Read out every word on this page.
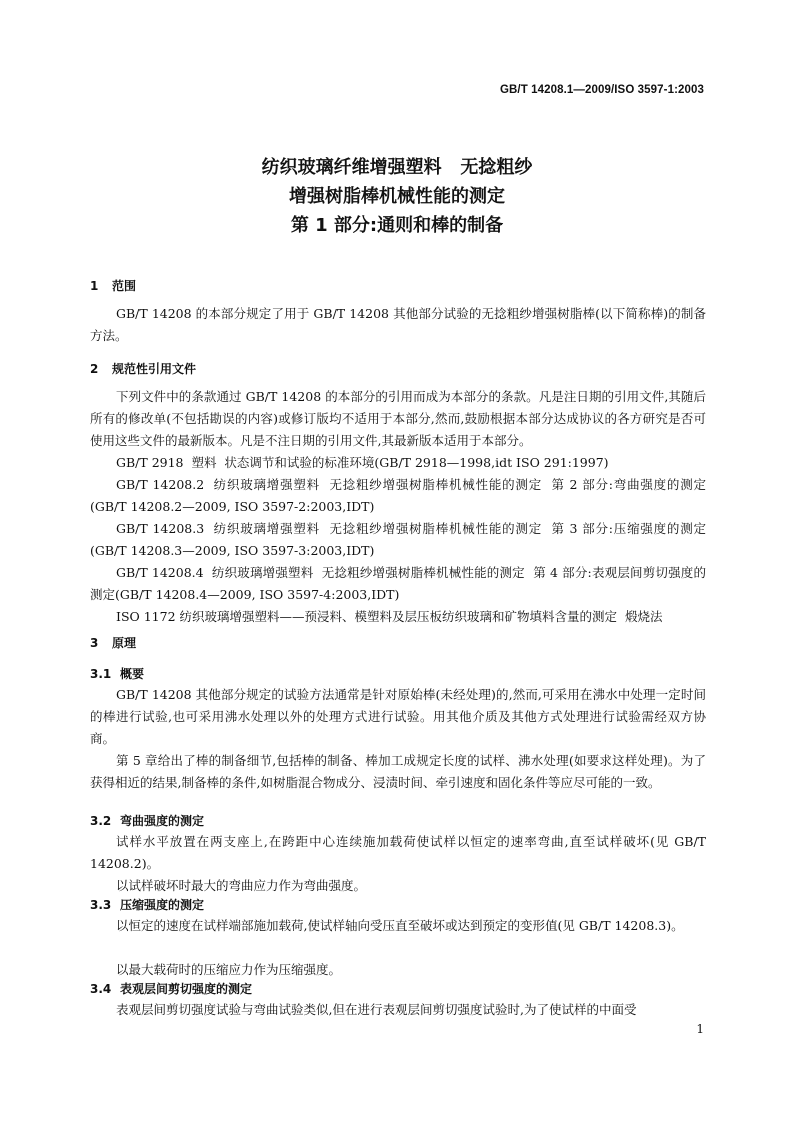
GB/T 14208.1—2009/ISO 3597-1:2003
纺织玻璃纤维增强塑料   无捻粗纱
增强树脂棒机械性能的测定
第 1 部分:通则和棒的制备
1 范围
GB/T 14208 的本部分规定了用于 GB/T 14208 其他部分试验的无捻粗纱增强树脂棒(以下简称棒)的制备方法。
2 规范性引用文件
下列文件中的条款通过 GB/T 14208 的本部分的引用而成为本部分的条款。凡是注日期的引用文件,其随后所有的修改单(不包括勘误的内容)或修订版均不适用于本部分,然而,鼓励根据本部分达成协议的各方研究是否可使用这些文件的最新版本。凡是不注日期的引用文件,其最新版本适用于本部分。
GB/T 2918  塑料  状态调节和试验的标准环境(GB/T 2918—1998,idt ISO 291:1997)
GB/T 14208.2  纺织玻璃增强塑料  无捻粗纱增强树脂棒机械性能的测定  第 2 部分:弯曲强度的测定(GB/T 14208.2—2009, ISO 3597-2:2003,IDT)
GB/T 14208.3  纺织玻璃增强塑料  无捻粗纱增强树脂棒机械性能的测定  第 3 部分:压缩强度的测定(GB/T 14208.3—2009, ISO 3597-3:2003,IDT)
GB/T 14208.4  纺织玻璃增强塑料  无捻粗纱增强树脂棒机械性能的测定  第 4 部分:表观层间剪切强度的测定(GB/T 14208.4—2009, ISO 3597-4:2003,IDT)
ISO 1172 纺织玻璃增强塑料——预浸料、模塑料及层压板纺织玻璃和矿物填料含量的测定  煅烧法
3 原理
3.1 概要
GB/T 14208 其他部分规定的试验方法通常是针对原始棒(未经处理)的,然而,可采用在沸水中处理一定时间的棒进行试验,也可采用沸水处理以外的处理方式进行试验。用其他介质及其他方式处理进行试验需经双方协商。
第 5 章给出了棒的制备细节,包括棒的制备、棒加工成规定长度的试样、沸水处理(如要求这样处理)。为了获得相近的结果,制备棒的条件,如树脂混合物成分、浸渍时间、牵引速度和固化条件等应尽可能的一致。
3.2 弯曲强度的测定
试样水平放置在两支座上,在跨距中心连续施加载荷使试样以恒定的速率弯曲,直至试样破坏(见 GB/T 14208.2)。
以试样破坏时最大的弯曲应力作为弯曲强度。
3.3 压缩强度的测定
以恒定的速度在试样端部施加载荷,使试样轴向受压直至破坏或达到预定的变形值(见 GB/T 14208.3)。
以最大载荷时的压缩应力作为压缩强度。
3.4 表观层间剪切强度的测定
表观层间剪切强度试验与弯曲试验类似,但在进行表观层间剪切强度试验时,为了使试样的中面受
1
